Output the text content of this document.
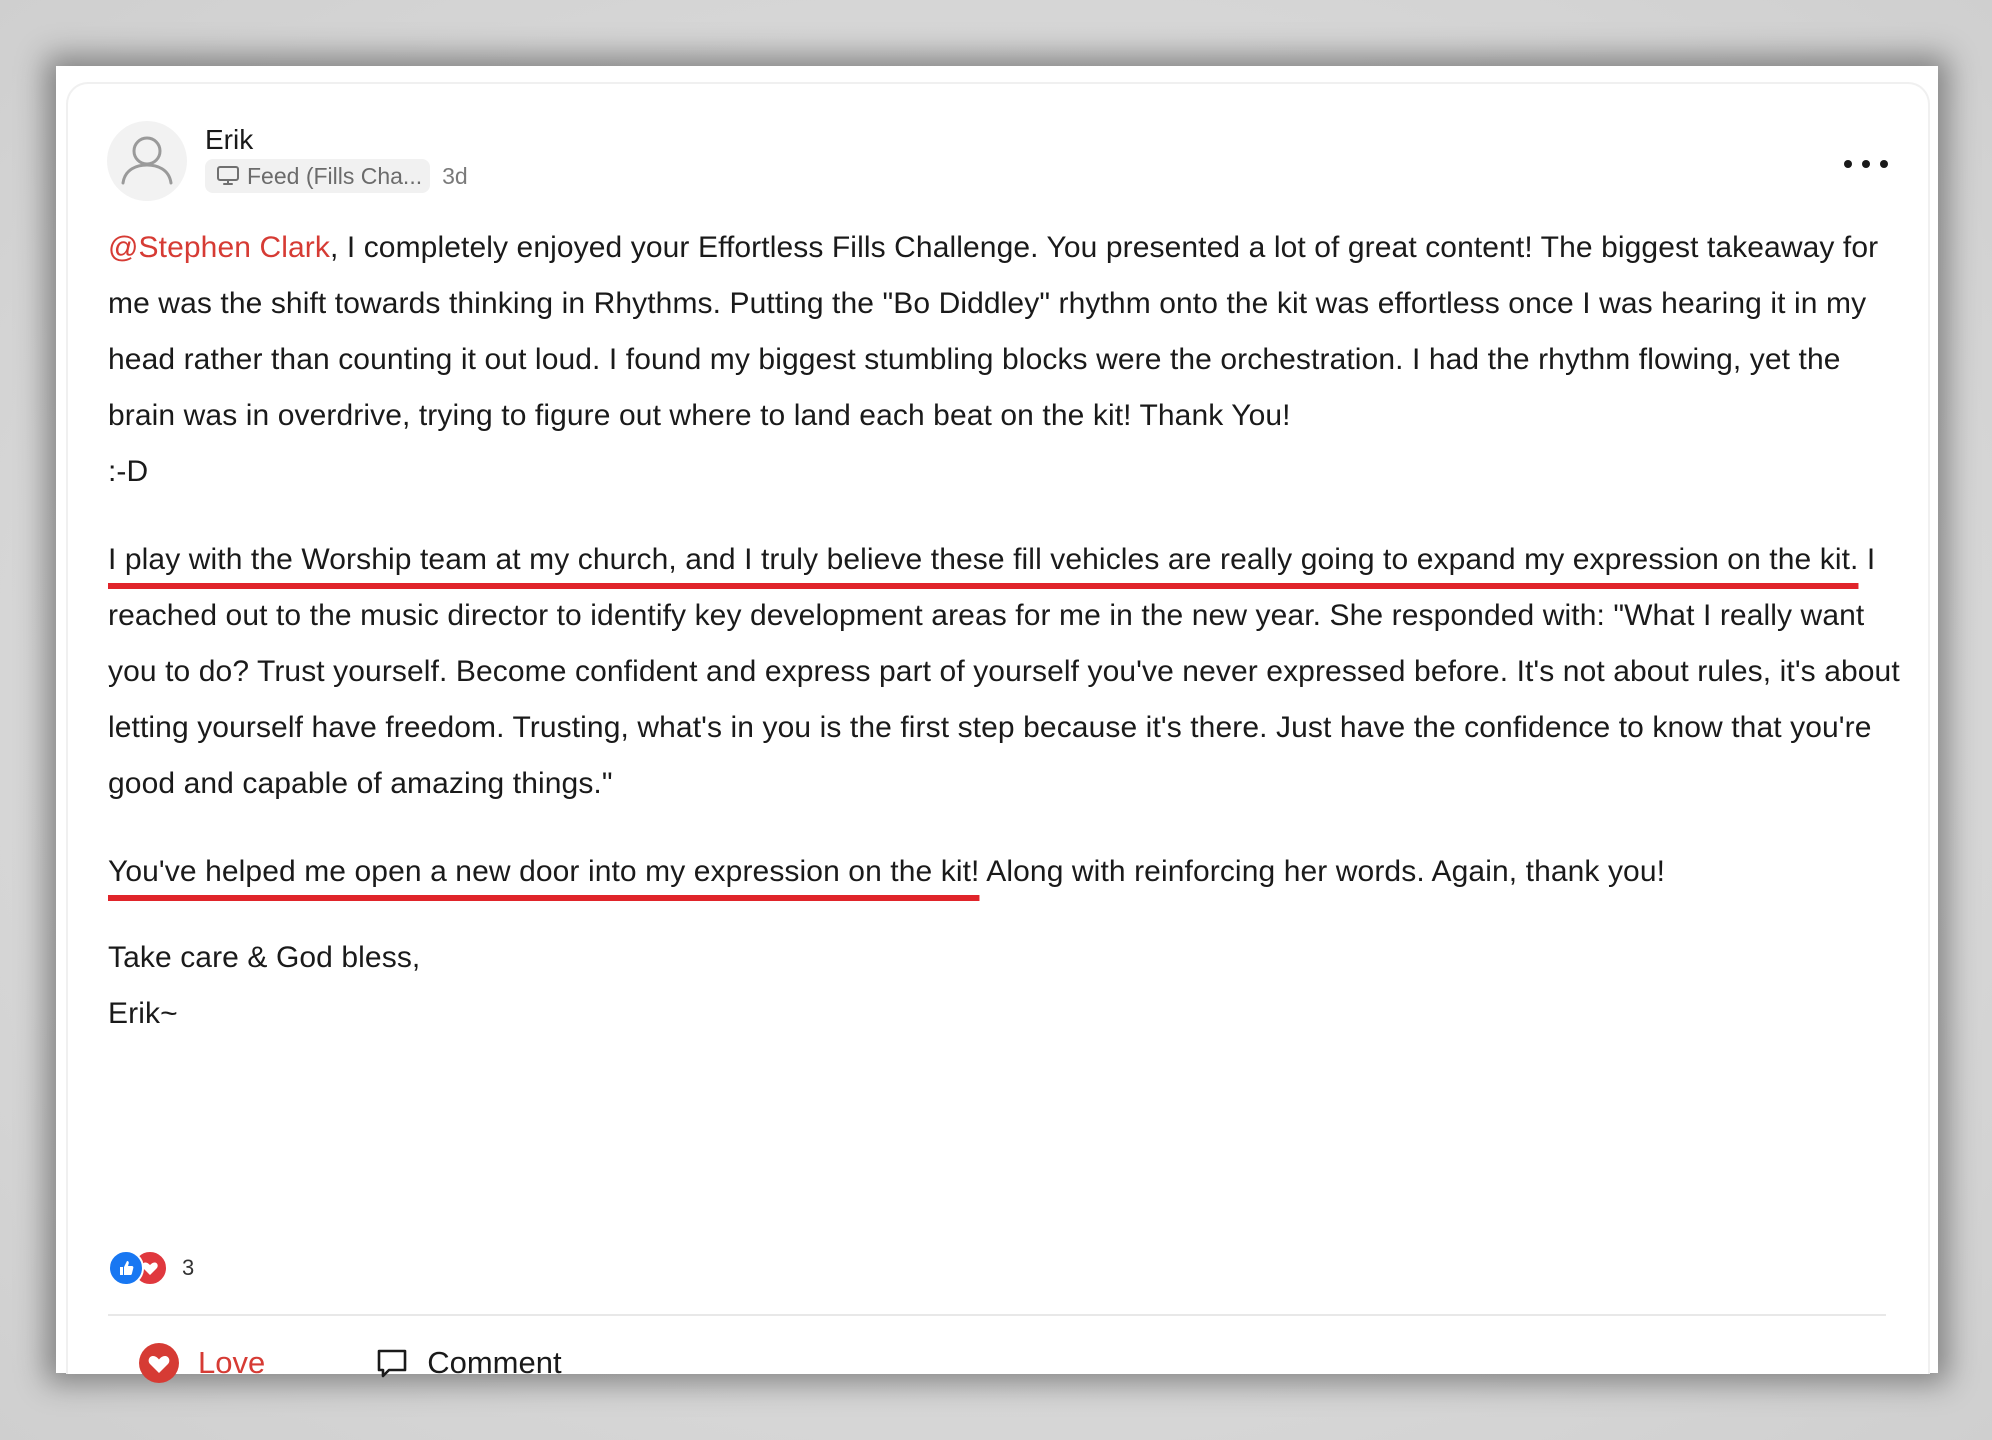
Erik
Feed (Fills Cha... 3d

@Stephen Clark, I completely enjoyed your Effortless Fills Challenge. You presented a lot of great content! The biggest takeaway for me was the shift towards thinking in Rhythms. Putting the "Bo Diddley" rhythm onto the kit was effortless once I was hearing it in my head rather than counting it out loud. I found my biggest stumbling blocks were the orchestration. I had the rhythm flowing, yet the brain was in overdrive, trying to figure out where to land each beat on the kit! Thank You!

:-D

I play with the Worship team at my church, and I truly believe these fill vehicles are really going to expand my expression on the kit. I reached out to the music director to identify key development areas for me in the new year. She responded with: "What I really want you to do? Trust yourself. Become confident and express part of yourself you've never expressed before. It's not about rules, it's about letting yourself have freedom. Trusting, what's in you is the first step because it's there. Just have the confidence to know that you're good and capable of amazing things."

You've helped me open a new door into my expression on the kit! Along with reinforcing her words. Again, thank you!

Take care & God bless,

Erik~

3
Love	Comment
